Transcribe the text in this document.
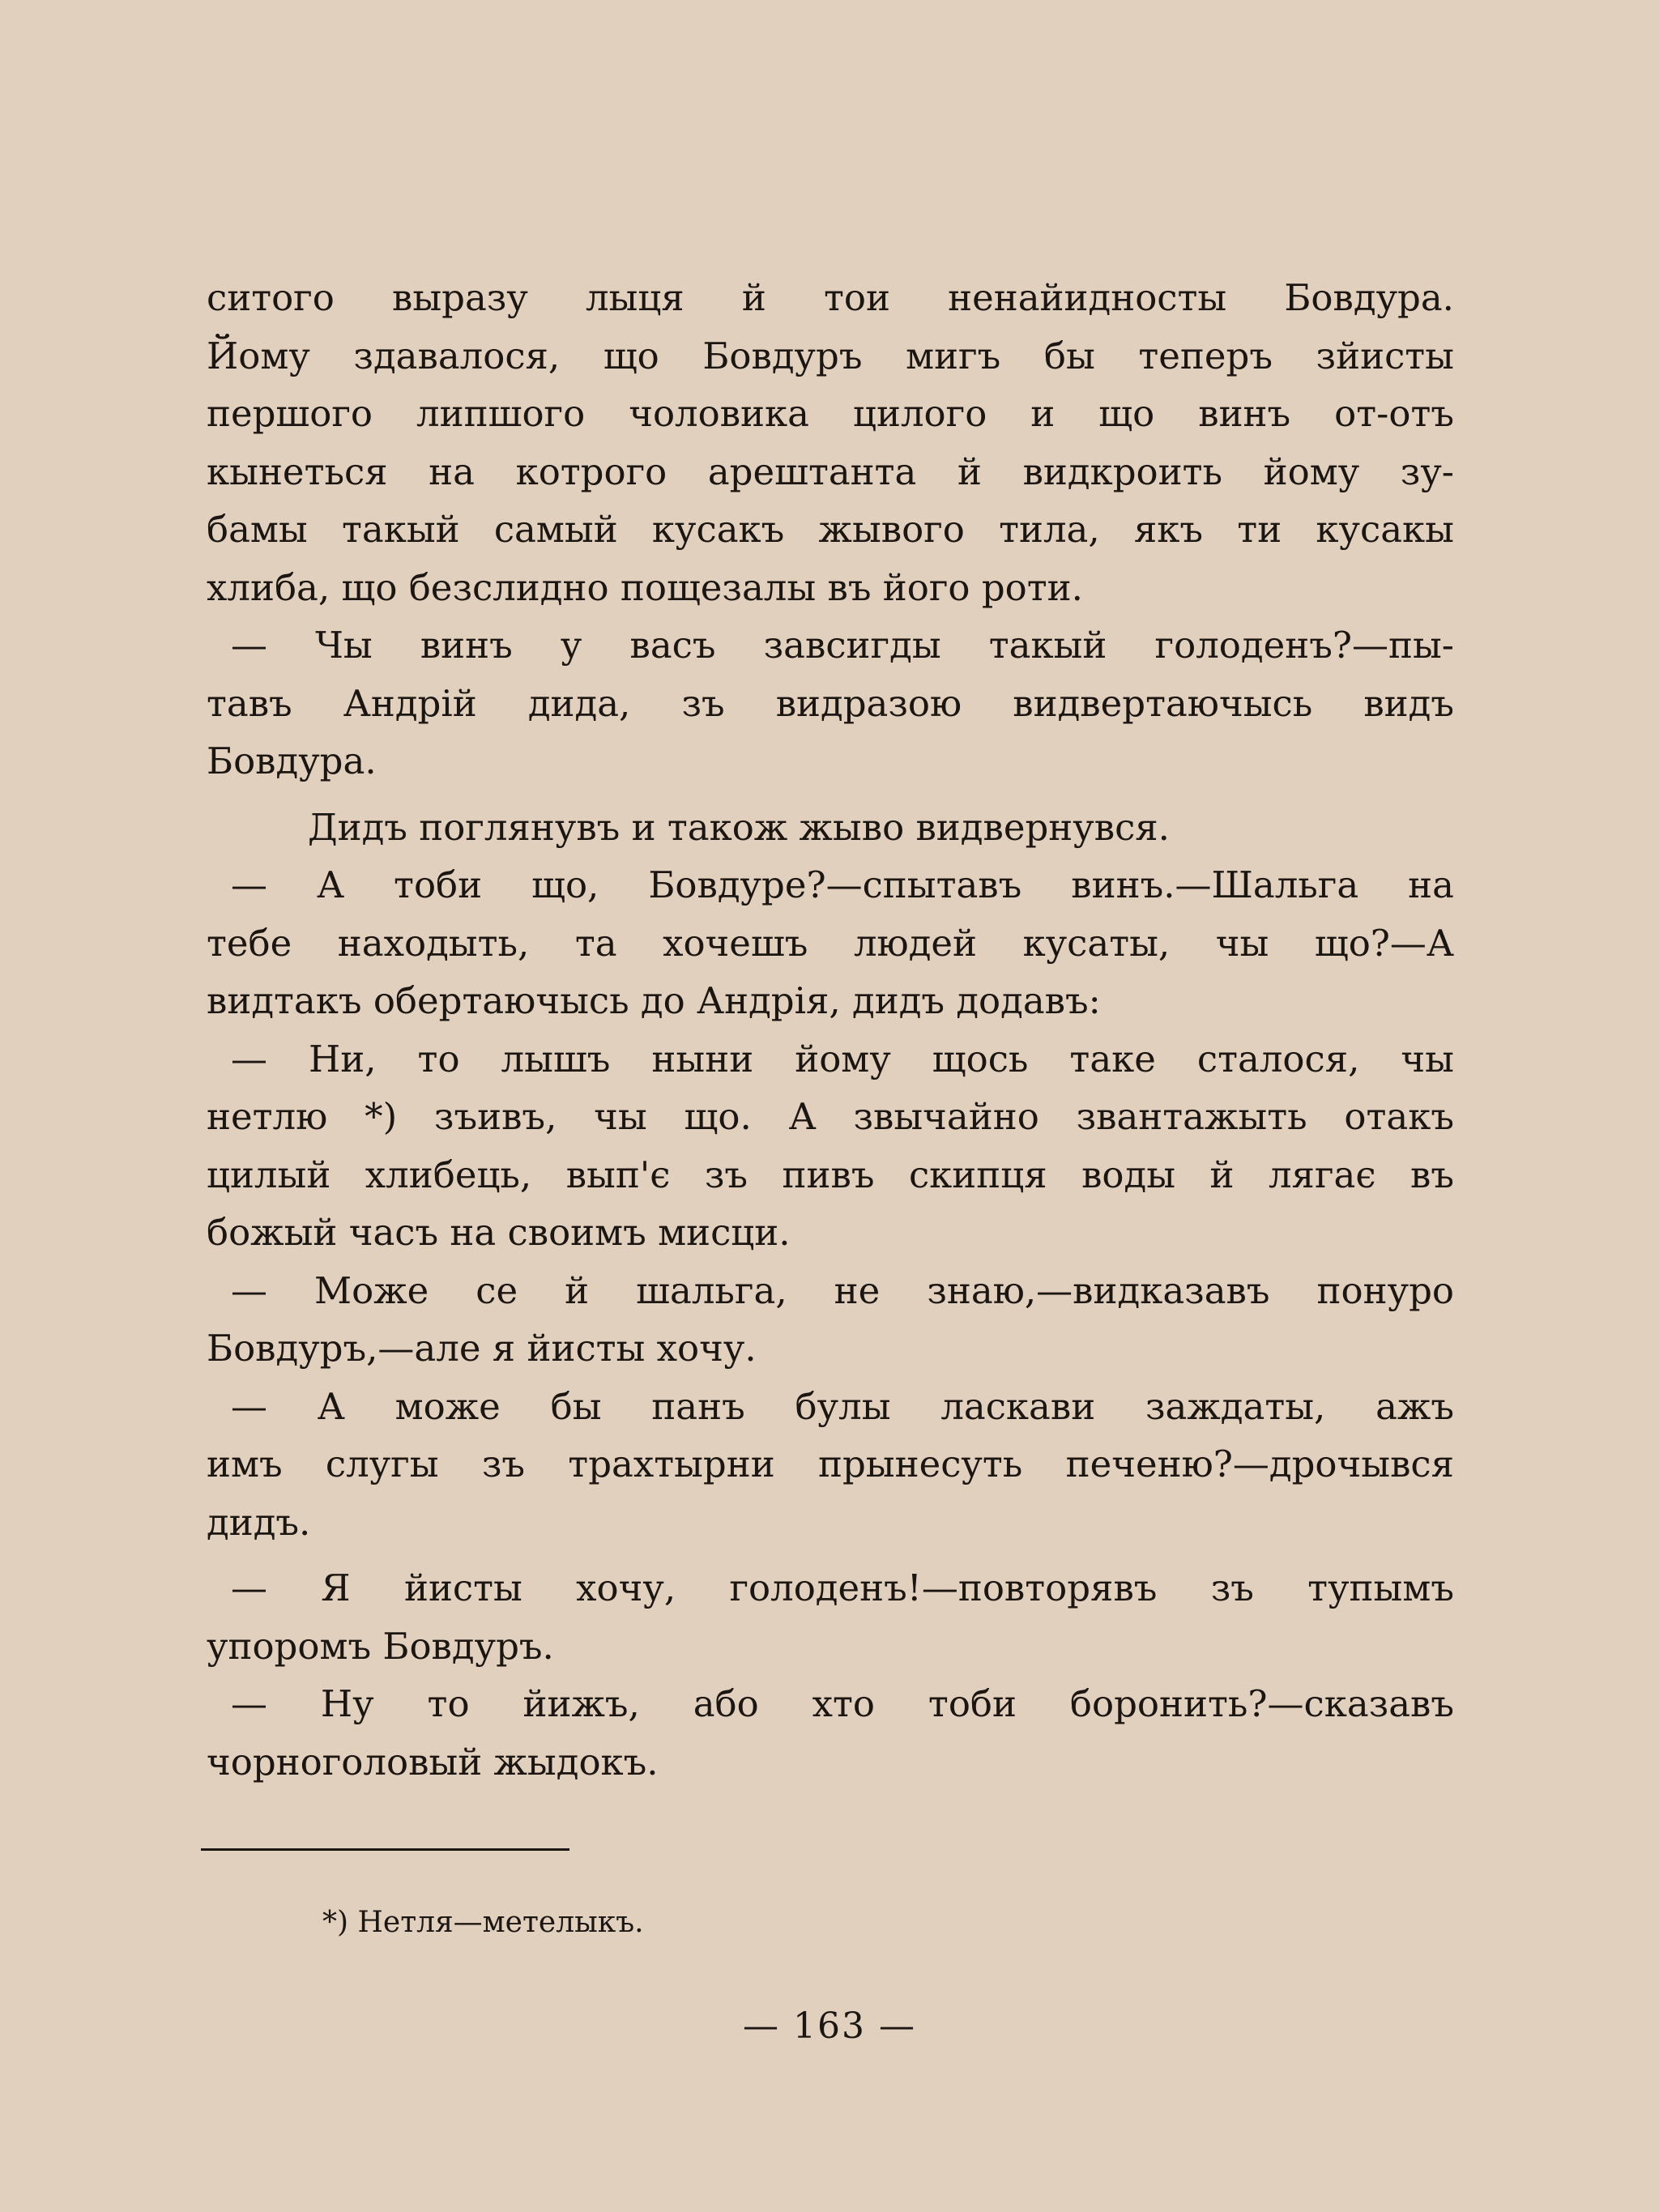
ситого выразу лыця й тои ненайидносты Бовдура.
Йому здавалося, що Бовдуръ мигъ бы теперъ зйисты
першого липшого чоловика цилого и що винъ от-отъ
кынеться на котрого арештанта й видкроить йому зу-
бамы такый самый кусакъ жывого тила, якъ ти кусакы
хлиба, що безслидно пощезалы въ його роти.
— Чы винъ у васъ завсигды такый голоденъ?—пы-
тавъ Андрій дида, зъ видразою видвертаючысь видъ
Бовдура.
Дидъ поглянувъ и також жыво видвернувся.
— А тоби що, Бовдуре?—спытавъ винъ.—Шальга на
тебе находыть, та хочешъ людей кусаты, чы що?—А
видтакъ обертаючысь до Андрія, дидъ додавъ:
— Ни, то лышъ ныни йому щось таке сталося, чы
нетлю *) зъивъ, чы що. А звычайно звантажыть отакъ
цилый хлибець, вып'є зъ пивъ скипця воды й лягає въ
божый часъ на своимъ мисци.
— Може се й шальга, не знаю,—видказавъ понуро
Бовдуръ,—але я йисты хочу.
— А може бы панъ булы ласкави заждаты, ажъ
имъ слугы зъ трахтырни прынесуть печеню?—дрочывся
дидъ.
— Я йисты хочу, голоденъ!—повторявъ зъ тупымъ
упоромъ Бовдуръ.
— Ну то йижъ, або хто тоби боронить?—сказавъ
чорноголовый жыдокъ.
*) Нетля—метелыкъ.
— 163 —
